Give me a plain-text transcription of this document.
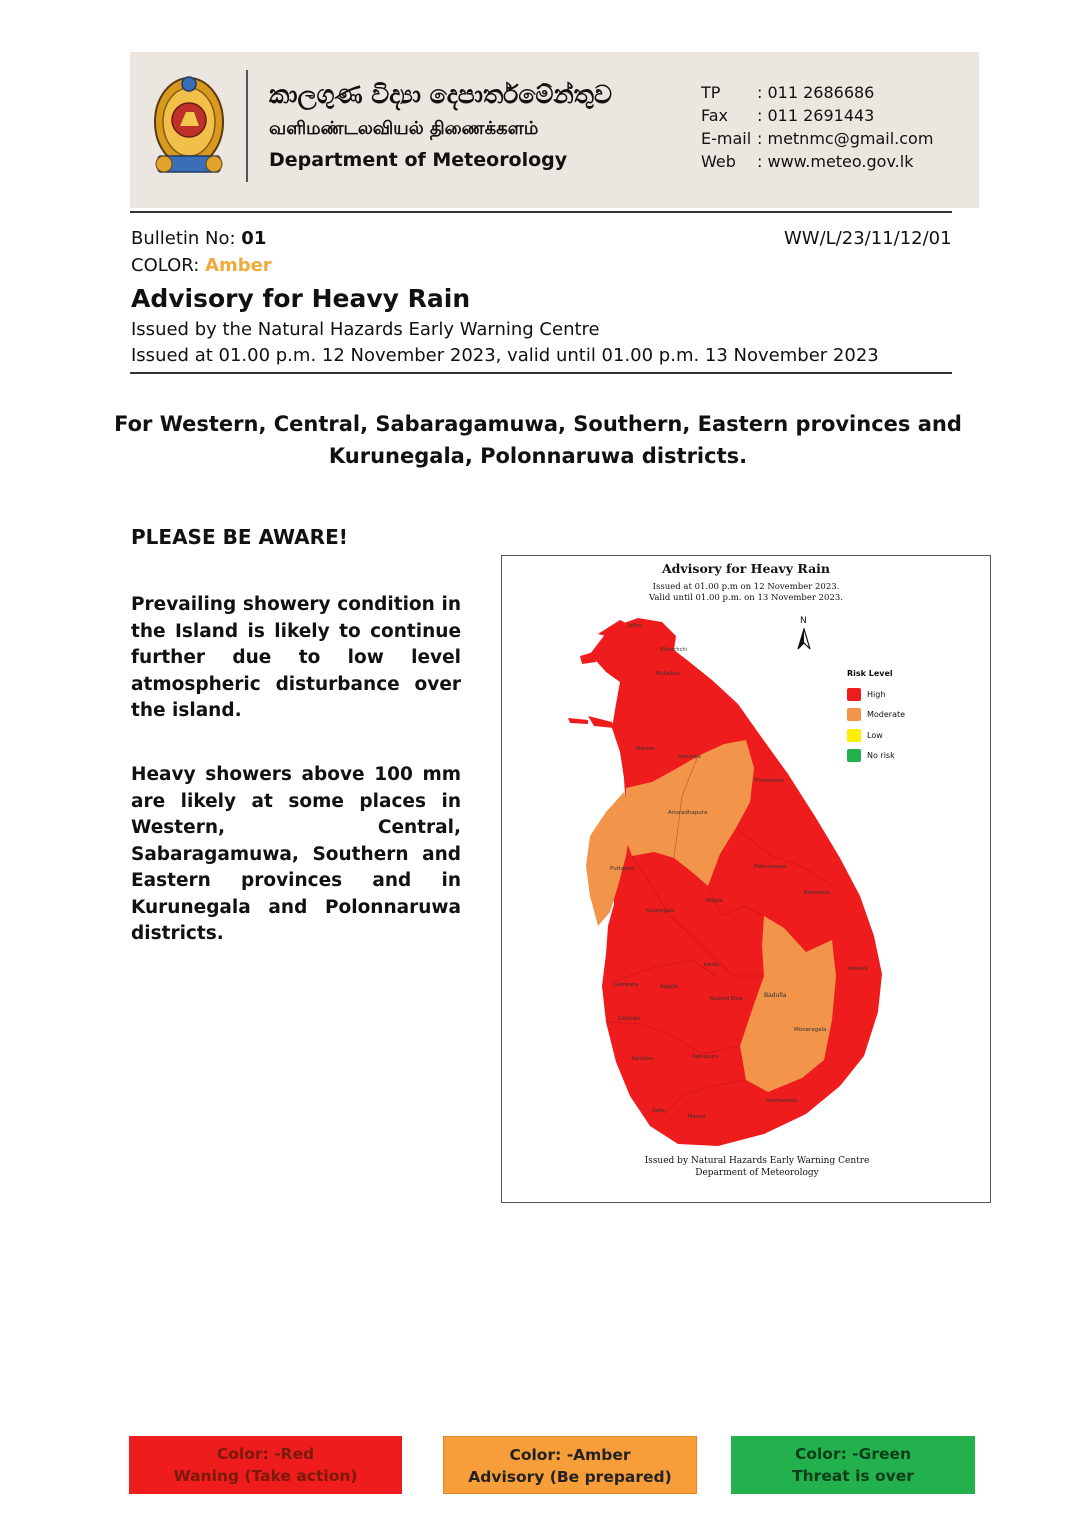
කාලගුණ විද්‍යා දෙපාර්තමේන්තුව
வளிமண்டலவியல் திணைக்களம்
Department of Meteorology
TP	: 011 2686686
Fax	: 011 2691443
E-mail : metnmc@gmail.com
Web	: www.meteo.gov.lk
Bulletin No: 01	WW/L/23/11/12/01
COLOR: Amber
Advisory for Heavy Rain
Issued by the Natural Hazards Early Warning Centre
Issued at 01.00 p.m. 12 November 2023, valid until 01.00 p.m. 13 November 2023
For Western, Central, Sabaragamuwa, Southern, Eastern provinces and
Kurunegala, Polonnaruwa districts.
PLEASE BE AWARE!
Prevailing showery condition in the Island is likely to continue further due to low level atmospheric disturbance over the island.
Heavy showers above 100 mm are likely at some places in Western, Central, Sabaragamuwa, Southern and Eastern provinces and in Kurunegala and Polonnaruwa districts.
Advisory for Heavy Rain
Issued at 01.00 p.m on 12 November 2023.
Valid until 01.00 p.m. on 13 November 2023.
N
Jaffna
Kilinochchi
Mullaitivu
Mannar
Vavuniya
Trincomalee
Anuradhapura
Puttalam	Polonnaruwa
Batticaloa
Kurunegala
Matale
Kandy
Ampara
Gampaha	Kegalle
Nuwara Eliya	Badulla
Colombo
Moneragala
Kalutara	Ratnapura
Hambantota
Galle
Matara
Risk Level
High
Moderate
Low
No risk
Issued by Natural Hazards Early Warning Centre
Deparment of Meteorology
Color: -Red
Waning (Take action)
Color: -Amber
Advisory (Be prepared)
Color: -Green
Threat is over
